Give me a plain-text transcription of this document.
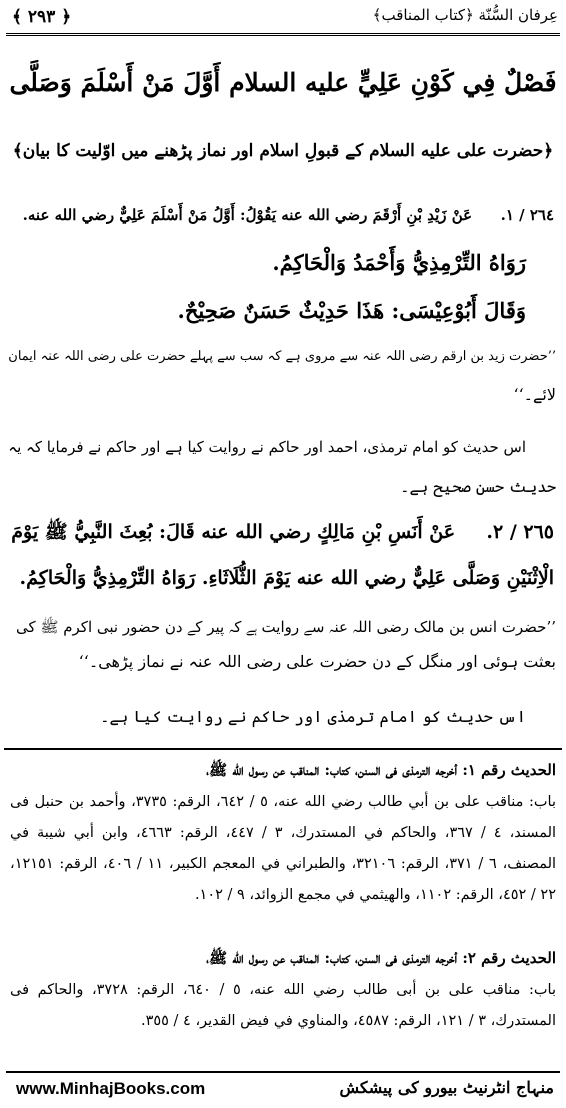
﴾ ٢٩٣ ﴿	عِرفان السُّنّة ﴿كتاب المناقب﴾
فَصْلٌ فِي كَوْنِ عَلِيٍّ عليه السلام أَوَّلَ مَنْ أَسْلَمَ وَصَلَّى
﴿حضرت علی عليه السلام کے قبولِ اسلام اور نماز پڑھنے میں اوّلیت کا بیان﴾
٢٦٤ / ١.  عَنْ زَيْدِ بْنِ أَرْقَمَ رضي الله عنه يَقُوْلُ: أَوَّلُ مَنْ أَسْلَمَ عَلِيٌّ رضي الله عنه.
رَوَاهُ التِّرْمِذِيُّ وَأَحْمَدُ وَالْحَاكِمُ.
وَقَالَ أَبُوْعِيْسَى: هَذَا حَدِيْثٌ حَسَنٌ صَحِيْحٌ.
’’حضرت زید بن ارقم رضی اللہ عنہ سے مروی ہے کہ سب سے پہلے حضرت علی رضی اللہ عنہ ایمان
لائے۔‘‘
اس حدیث کو امام ترمذی، احمد اور حاکم نے روایت کیا ہے اور حاکم نے فرمایا کہ یہ
حدیث حسن صحیح ہے۔
٢٦٥ / ٢.  عَنْ أَنَسِ بْنِ مَالِكٍ رضي الله عنه قَالَ: بُعِثَ النَّبِيُّ ﷺ يَوْمَ
الْاِثْنَيْنِ وَصَلَّى عَلِيٌّ رضي الله عنه يَوْمَ الثُّلَاثَاءِ. رَوَاهُ التِّرْمِذِيُّ وَالْحَاكِمُ.
’’حضرت انس بن مالک رضی اللہ عنہ سے روایت ہے کہ پیر کے دن حضور نبی اکرم ﷺ کی
بعثت ہوئی اور منگل کے دن حضرت علی رضی اللہ عنہ نے نماز پڑھی۔‘‘
اس حدیث کو امام ترمذی اور حاکم نے روایت کیا ہے۔
الحديث رقم ١: أخرجه الترمذی فی السنن، كتاب: المناقب عن رسول الله ﷺ،
باب: مناقب على بن أبي طالب رضي الله عنه، ٥ / ٦٤٢، الرقم: ٣٧٣٥، وأحمد بن حنبل فی المسند، ٤ / ٣٦٧، والحاكم في المستدرك، ٣ / ٤٤٧، الرقم: ٤٦٦٣، وابن أبي شيبة في المصنف، ٦ / ٣٧١، الرقم: ٣٢١٠٦، والطبراني في المعجم الكبير، ١١ / ٤٠٦، الرقم: ١٢١٥١، ٢٢ / ٤٥٢، الرقم: ١١٠٢، والهيثمي في مجمع الزوائد، ٩ / ١٠٢.
الحديث رقم ٢: أخرجه الترمذی فی السنن، كتاب: المناقب عن رسول الله ﷺ،
باب: مناقب على بن أبى طالب رضي الله عنه، ٥ / ٦٤٠، الرقم: ٣٧٢٨، والحاكم فى المستدرك، ٣ / ١٢١، الرقم: ٤٥٨٧، والمناوي في فيض القدير، ٤ / ٣٥٥.
www.MinhajBooks.com	منہاج انٹرنیٹ بیورو کی پیشکش
